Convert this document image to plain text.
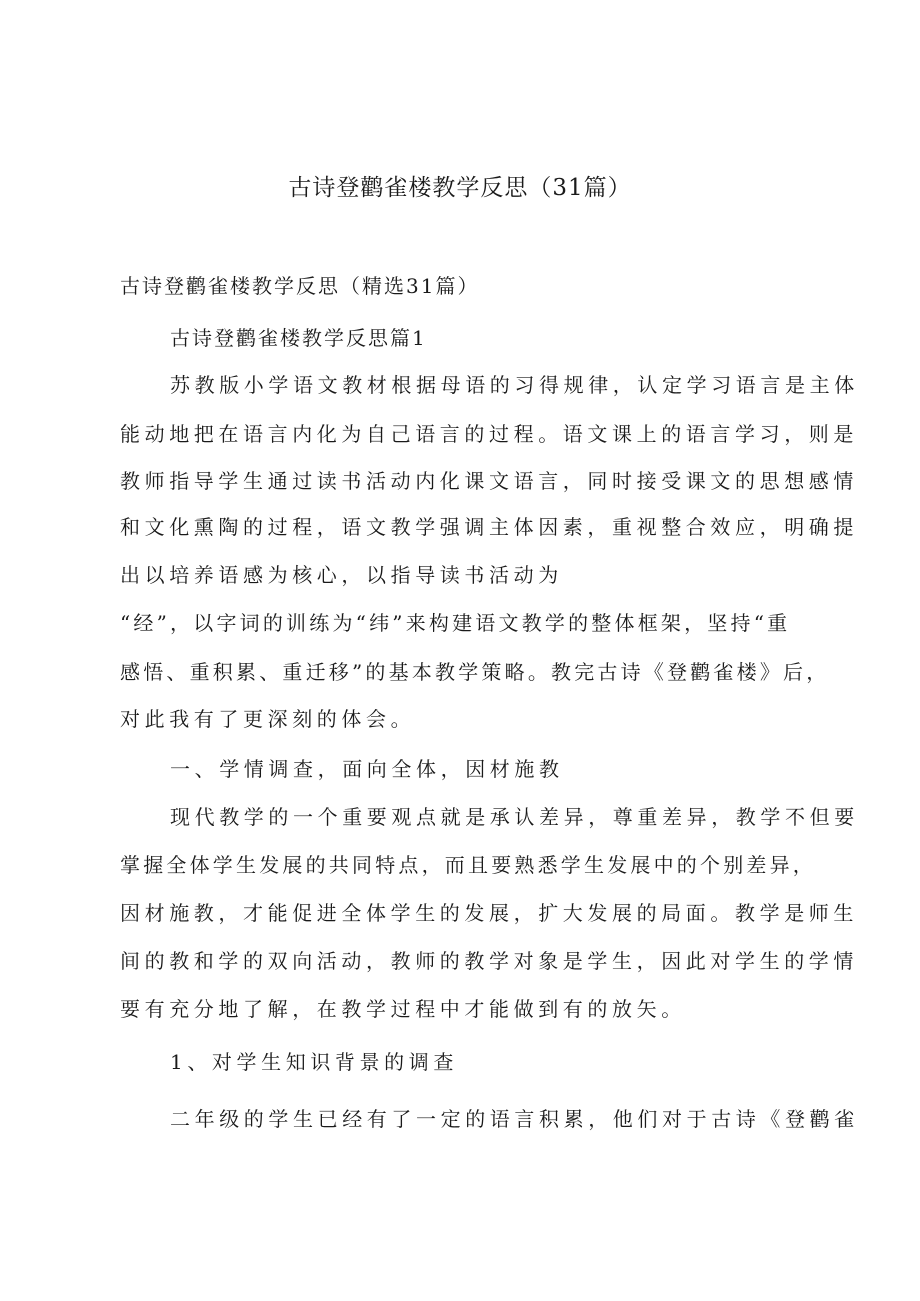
古诗登鹳雀楼教学反思（31篇）
古诗登鹳雀楼教学反思（精选31篇）
古诗登鹳雀楼教学反思篇1
苏教版小学语文教材根据母语的习得规律，认定学习语言是主体
能动地把在语言内化为自己语言的过程。语文课上的语言学习，则是
教师指导学生通过读书活动内化课文语言，同时接受课文的思想感情
和文化熏陶的过程，语文教学强调主体因素，重视整合效应，明确提
出以培养语感为核心，以指导读书活动为
“经”，以字词的训练为“纬”来构建语文教学的整体框架，坚持“重
感悟、重积累、重迁移”的基本教学策略。教完古诗《登鹳雀楼》后，
对此我有了更深刻的体会。
一、学情调查，面向全体，因材施教
现代教学的一个重要观点就是承认差异，尊重差异，教学不但要
掌握全体学生发展的共同特点，而且要熟悉学生发展中的个别差异，
因材施教，才能促进全体学生的发展，扩大发展的局面。教学是师生
间的教和学的双向活动，教师的教学对象是学生，因此对学生的学情
要有充分地了解，在教学过程中才能做到有的放矢。
1、对学生知识背景的调查
二年级的学生已经有了一定的语言积累，他们对于古诗《登鹳雀
